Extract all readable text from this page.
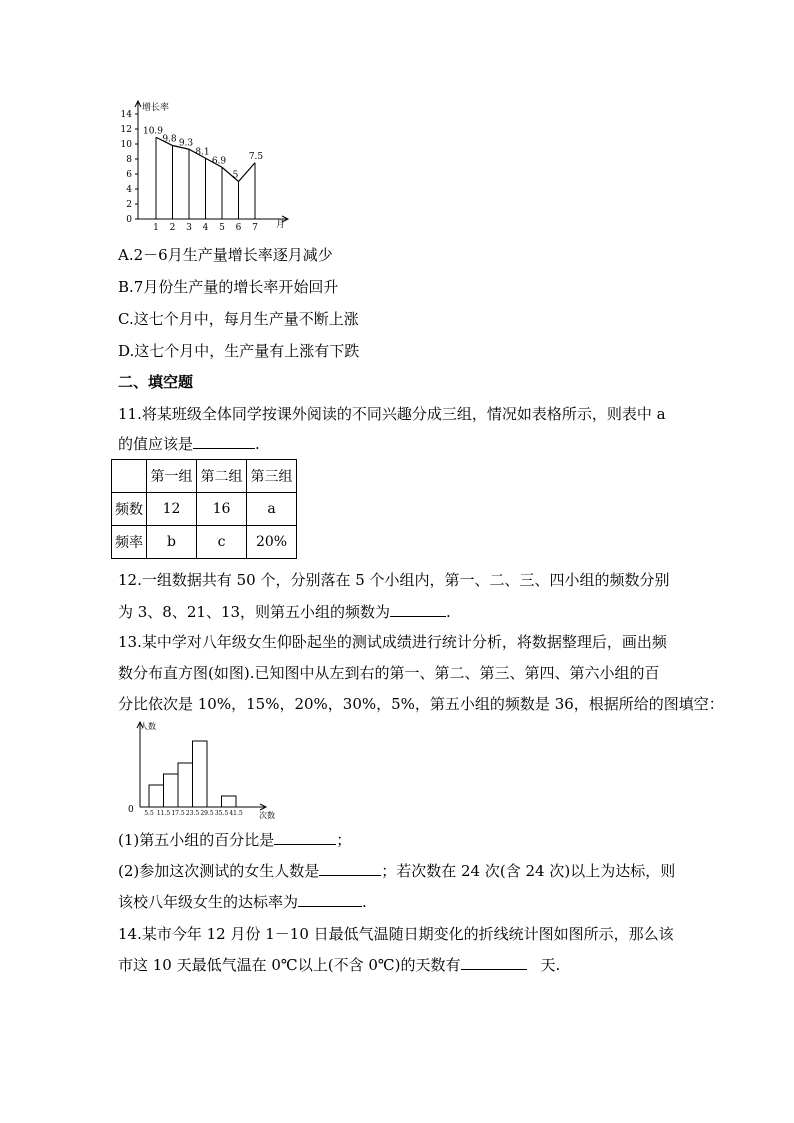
0
2
4
6
8
10
12
14
1 2 3 4 5 6 7
10.9
9.8 9.3
8.1
6.9
5
7.5
增长率
月
A.2－6月生产量增长率逐月减少
B.7月份生产量的增长率开始回升
C.这七个月中，每月生产量不断上涨
D.这七个月中，生产量有上涨有下跌
二、填空题
11.将某班级全体同学按课外阅读的不同兴趣分成三组，情况如表格所示，则表中 a
的值应该是	.
	第一组	第二组	第三组
频数	12	16	a
频率	b	c	20%
12.一组数据共有 50 个，分别落在 5 个小组内，第一、二、三、四小组的频数分别
为 3、8、21、13，则第五小组的频数为	.
13.某中学对八年级女生仰卧起坐的测试成绩进行统计分析，将数据整理后，画出频
数分布直方图(如图).已知图中从左到右的第一、第二、第三、第四、第六小组的百
分比依次是 10%，15%，20%，30%，5%，第五小组的频数是 36，根据所给的图填空：
5.5 11.5 17.5 23.5 29.5 35.5 41.5
人数
次数
0
(1)第五小组的百分比是	；
(2)参加这次测试的女生人数是	；若次数在 24 次(含 24 次)以上为达标，则
该校八年级女生的达标率为	.
14.某市今年 12 月份 1－10 日最低气温随日期变化的折线统计图如图所示，那么该
市这 10 天最低气温在 0℃以上(不含 0℃)的天数有	天.
